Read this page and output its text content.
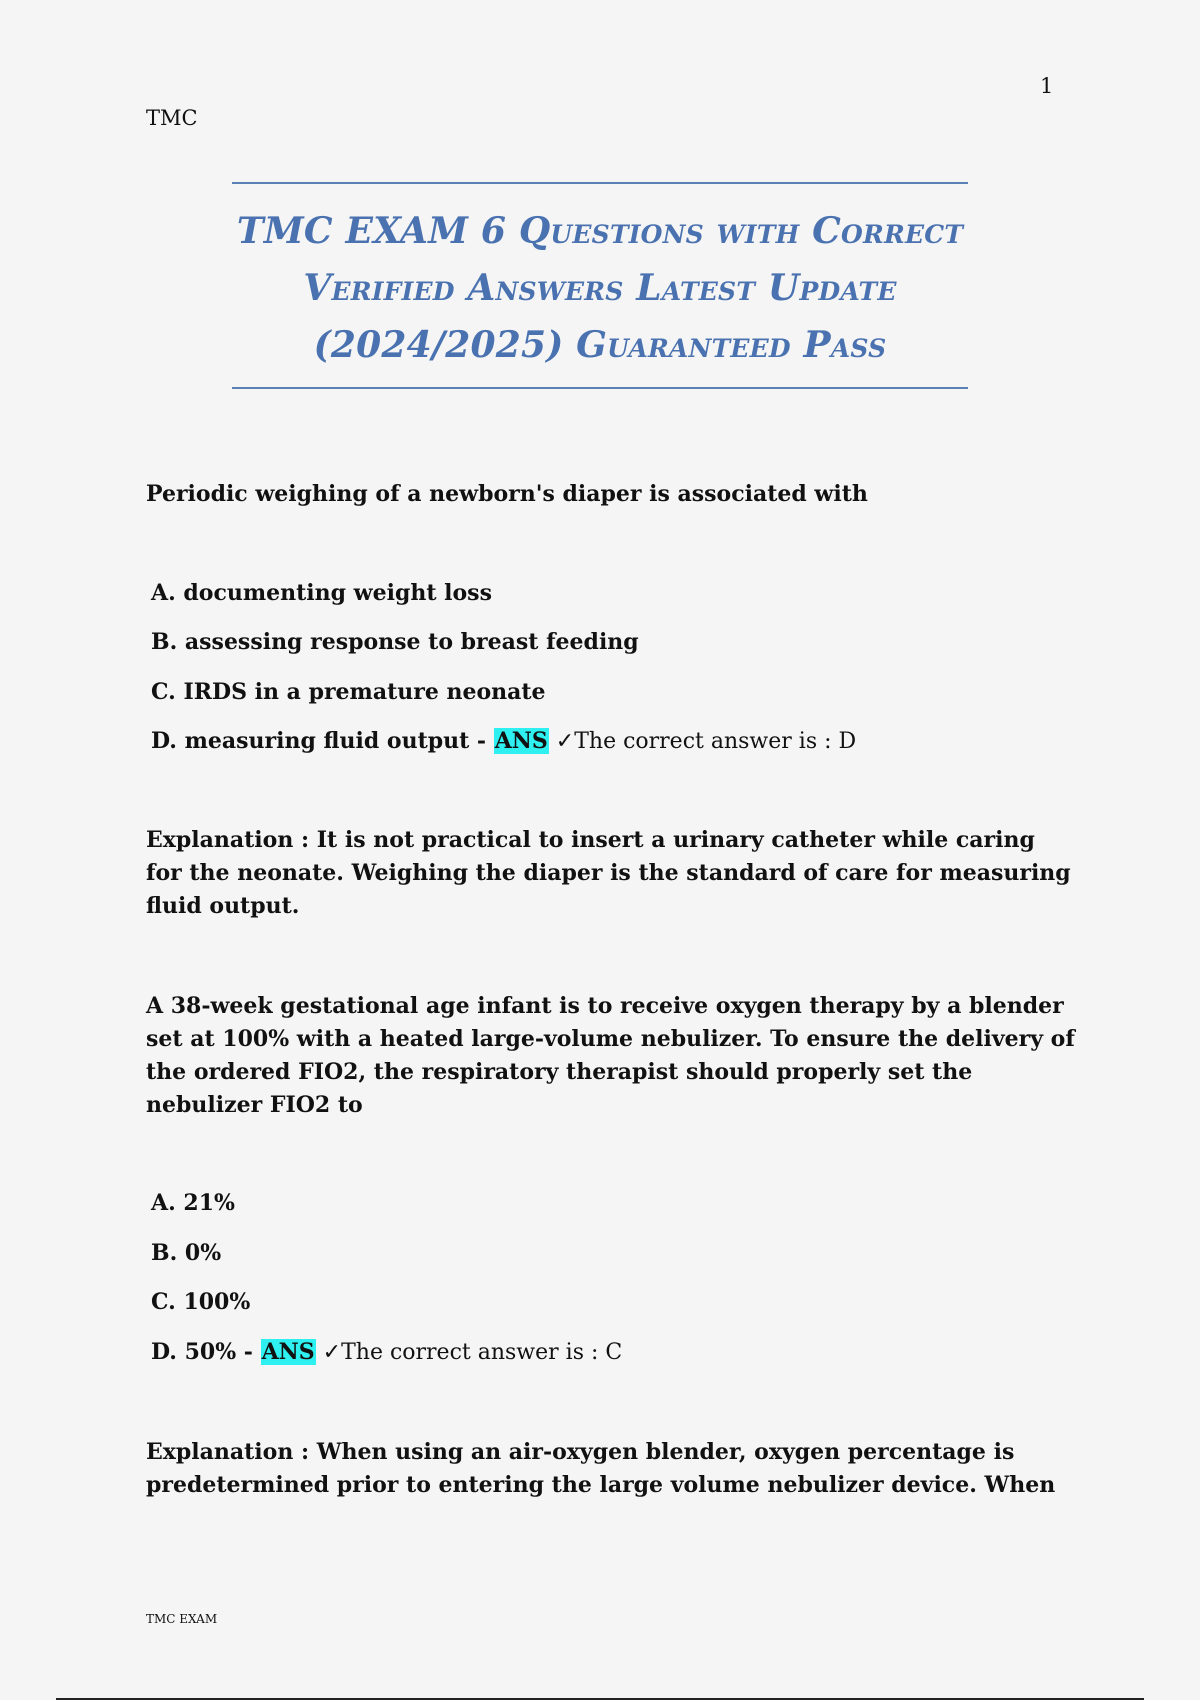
1
TMC
TMC EXAM 6 Questions with Correct
Verified Answers Latest Update
(2024/2025) Guaranteed Pass
Periodic weighing of a newborn's diaper is associated with
A. documenting weight loss
B. assessing response to breast feeding
C. IRDS in a premature neonate
D. measuring fluid output - ANS ✓The correct answer is : D
Explanation : It is not practical to insert a urinary catheter while caring for the neonate. Weighing the diaper is the standard of care for measuring fluid output.
A 38-week gestational age infant is to receive oxygen therapy by a blender set at 100% with a heated large-volume nebulizer. To ensure the delivery of the ordered FIO2, the respiratory therapist should properly set the nebulizer FIO2 to
A. 21%
B. 0%
C. 100%
D. 50% - ANS ✓The correct answer is : C
Explanation : When using an air-oxygen blender, oxygen percentage is predetermined prior to entering the large volume nebulizer device. When
TMC EXAM
